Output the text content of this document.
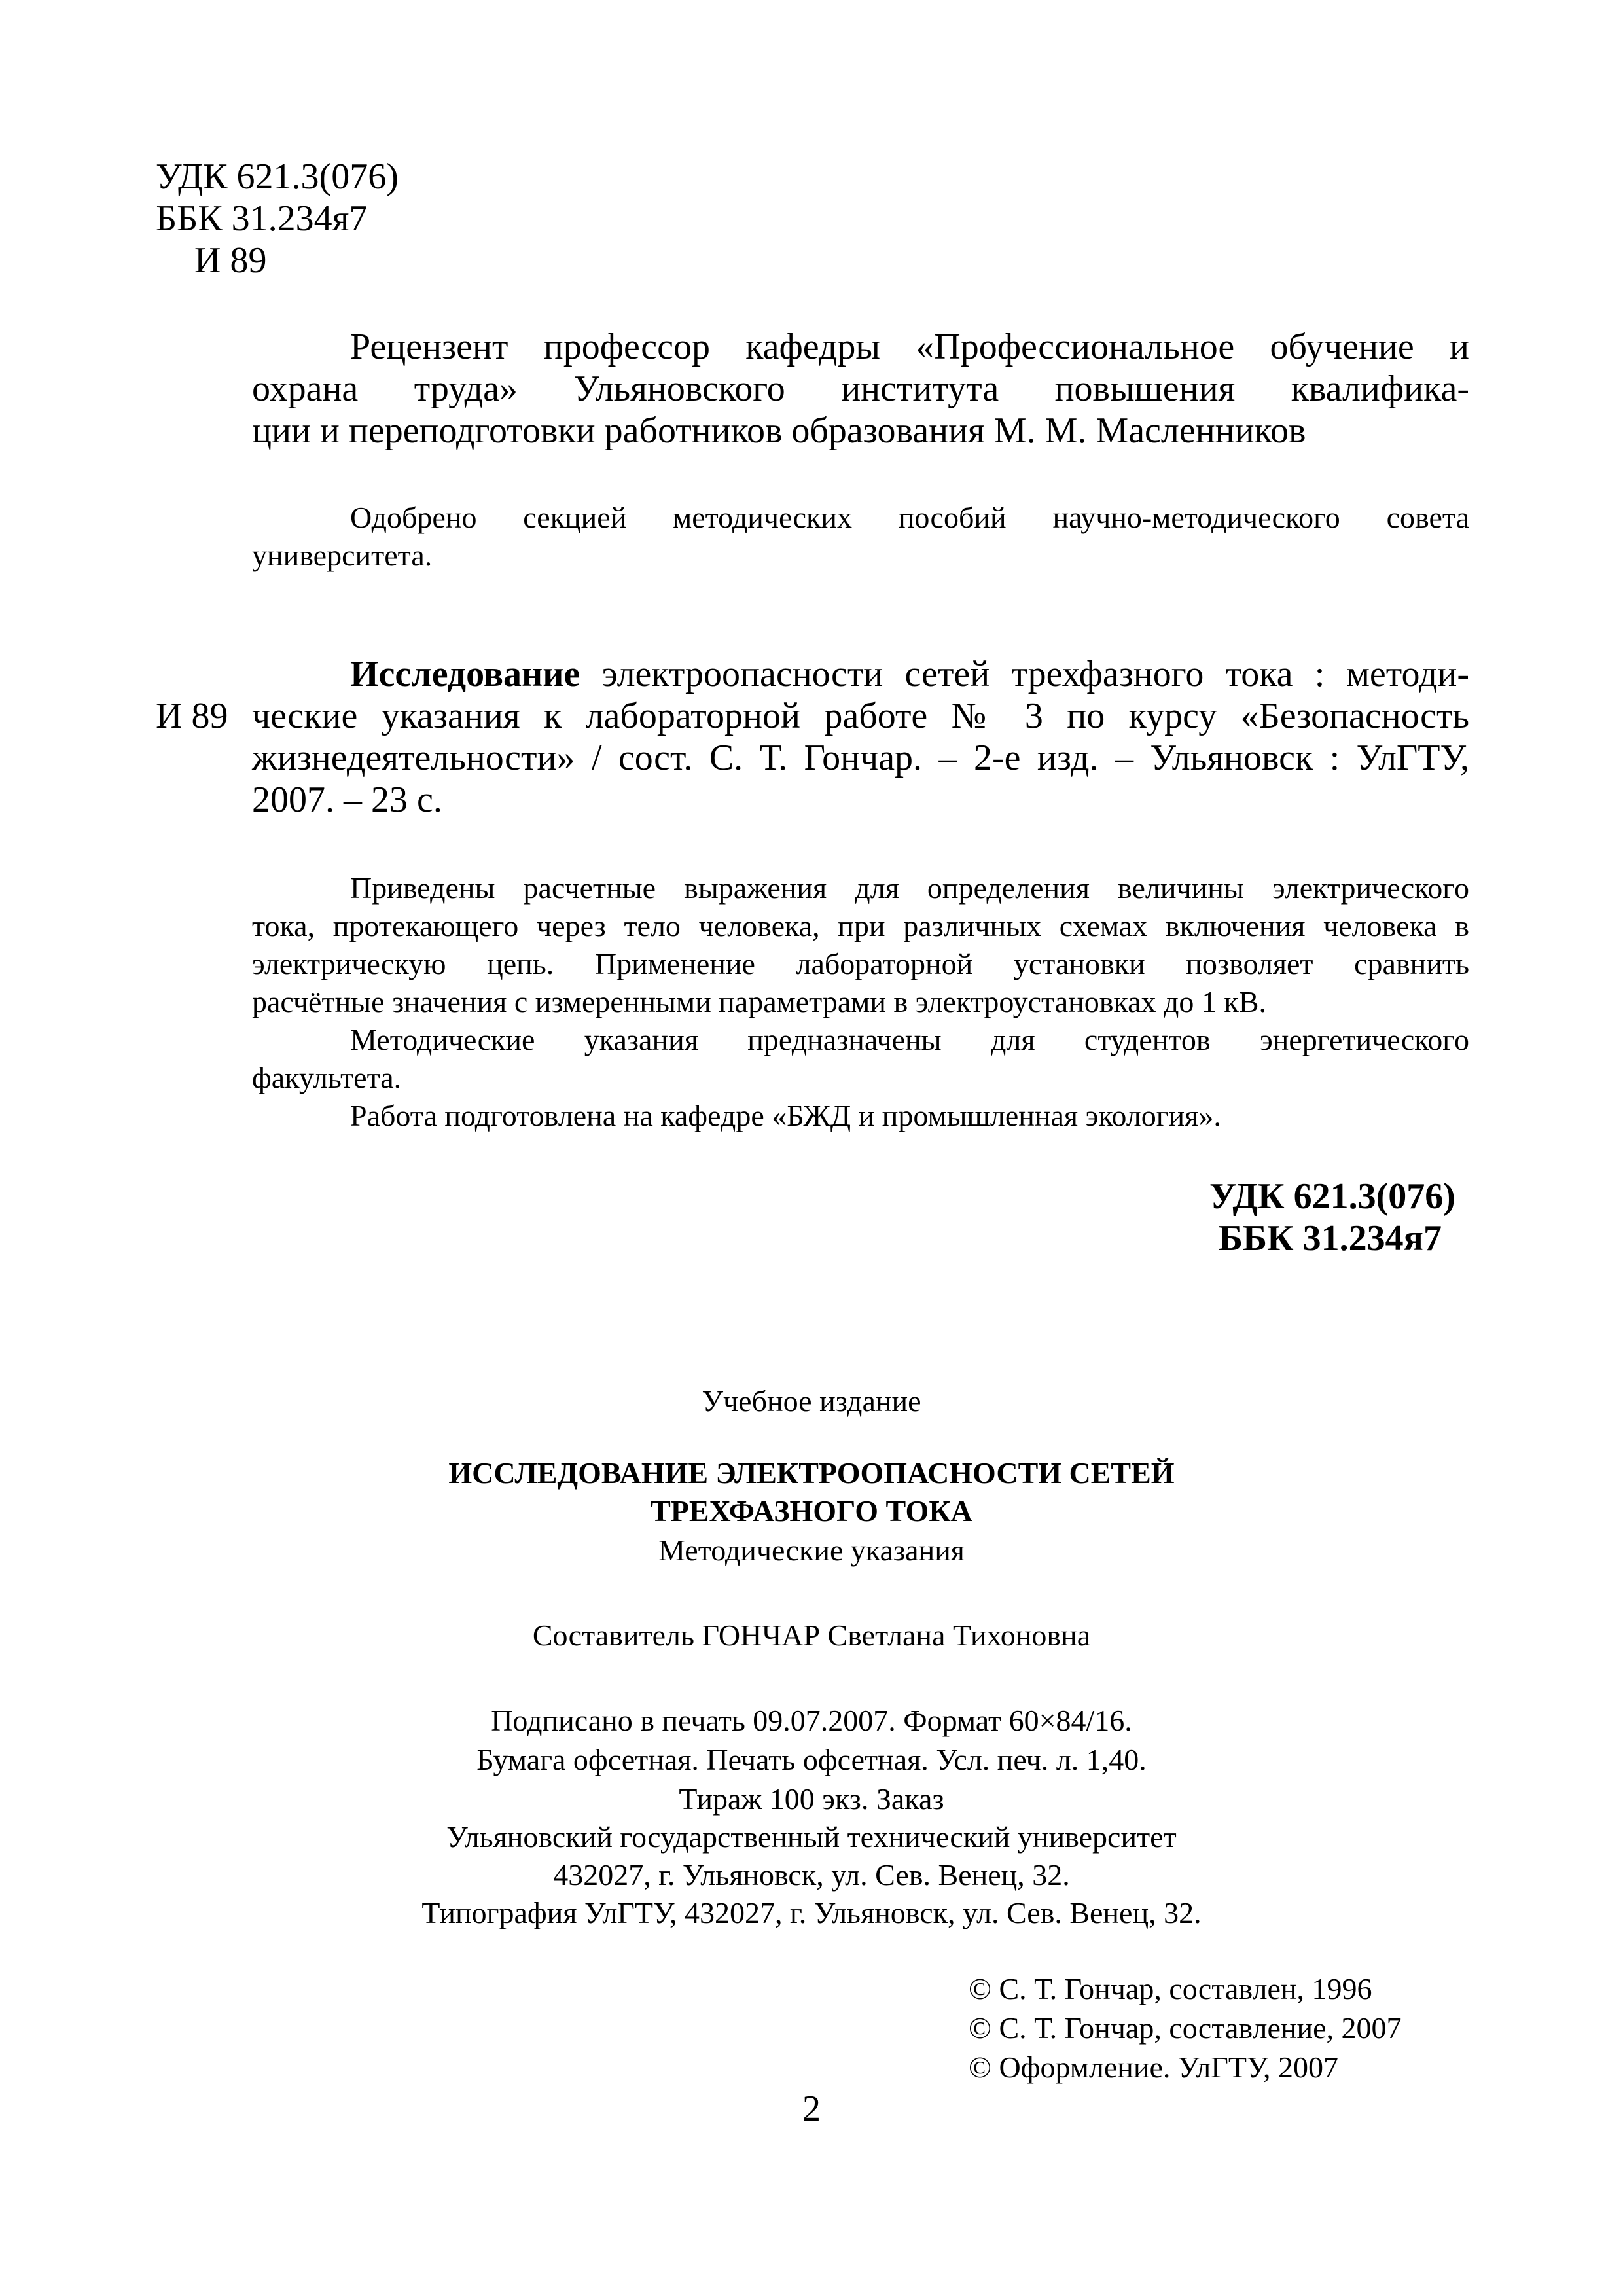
УДК 621.3(076)
ББК 31.234я7
И 89
Рецензент профессор кафедры «Профессиональное обучение и
охрана труда» Ульяновского института повышения квалифика-
ции и переподготовки работников образования М. М. Масленников
Одобрено секцией методических пособий научно-методического совета
университета.
И 89
Исследование электроопасности сетей трехфазного тока : методи-
ческие указания к лабораторной работе № 3 по курсу «Безопасность
жизнедеятельности» / сост. С. Т. Гончар. – 2-е изд. – Ульяновск : УлГТУ,
2007. – 23 с.
Приведены расчетные выражения для определения величины электрического
тока, протекающего через тело человека, при различных схемах включения человека в
электрическую цепь. Применение лабораторной установки позволяет сравнить
расчётные значения с измеренными параметрами в электроустановках до 1 кВ.
Методические указания предназначены для студентов энергетического
факультета.
Работа подготовлена на кафедре «БЖД и промышленная экология».
УДК 621.3(076)
ББК 31.234я7
Учебное издание
ИССЛЕДОВАНИЕ ЭЛЕКТРООПАСНОСТИ СЕТЕЙ
ТРЕХФАЗНОГО ТОКА
Методические указания
Составитель ГОНЧАР Светлана Тихоновна
Подписано в печать 09.07.2007. Формат 60×84/16.
Бумага офсетная. Печать офсетная. Усл. печ. л. 1,40.
Тираж 100 экз. Заказ
Ульяновский государственный технический университет
432027, г. Ульяновск, ул. Сев. Венец, 32.
Типография УлГТУ, 432027, г. Ульяновск, ул. Сев. Венец, 32.
© С. Т. Гончар, составлен, 1996
© С. Т. Гончар, составление, 2007
© Оформление. УлГТУ, 2007
2
